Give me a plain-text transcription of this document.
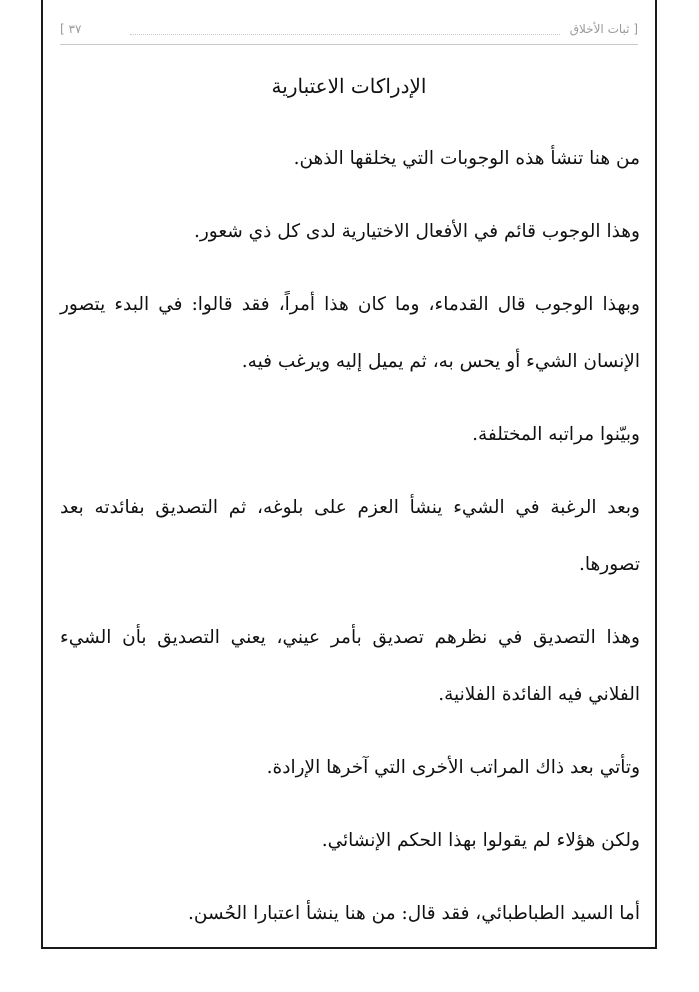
[ ثبات الأخلاق
٣٧ ]
الإدراكات الاعتبارية

من هنا تنشأ هذه الوجوبات التي يخلقها الذهن.

وهذا الوجوب قائم في الأفعال الاختيارية لدى كل ذي شعور.

وبهذا الوجوب قال القدماء، وما كان هذا أمراً، فقد قالوا: في البدء يتصور الإنسان الشيء أو يحس به، ثم يميل إليه ويرغب فيه.

وبيّنوا مراتبه المختلفة.

وبعد الرغبة في الشيء ينشأ العزم على بلوغه، ثم التصديق بفائدته بعد تصورها.

وهذا التصديق في نظرهم تصديق بأمر عيني، يعني التصديق بأن الشيء الفلاني فيه الفائدة الفلانية.

وتأتي بعد ذاك المراتب الأخرى التي آخرها الإرادة.

ولكن هؤلاء لم يقولوا بهذا الحكم الإنشائي.

أما السيد الطباطبائي، فقد قال: من هنا ينشأ اعتبارا الحُسن.
